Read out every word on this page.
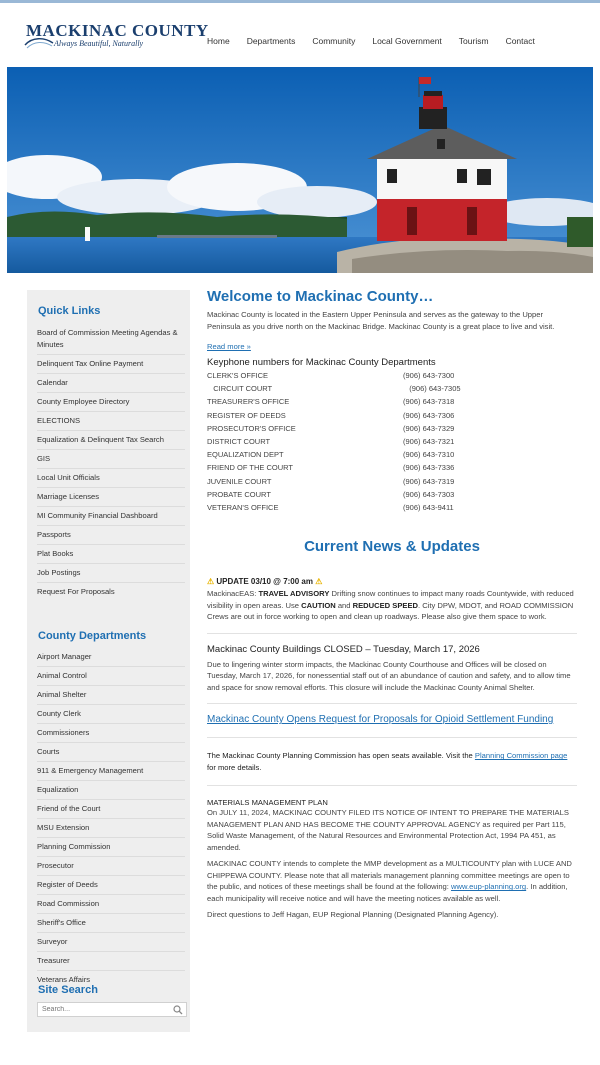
MACKINAC COUNTY
Always Beautiful, Naturally	Home Departments Community Local Government Tourism Contact
Quick Links
Board of Commission Meeting Agendas & Minutes
Delinquent Tax Online Payment
Calendar
County Employee Directory
ELECTIONS
Equalization & Delinquent Tax Search
GIS
Local Unit Officials
Marriage Licenses
MI Community Financial Dashboard
Passports
Plat Books
Job Postings
Request For Proposals
County Departments
Airport Manager
Animal Control
Animal Shelter
County Clerk
Commissioners
Courts
911 & Emergency Management
Equalization
Friend of the Court
MSU Extension
Planning Commission
Prosecutor
Register of Deeds
Road Commission
Sheriff's Office
Surveyor
Treasurer
Veterans Affairs
Site Search
Search...
Welcome to Mackinac County…

Mackinac County is located in the Eastern Upper Peninsula and serves as the gateway to the Upper Peninsula as you drive north on the Mackinac Bridge. Mackinac County is a great place to live and visit.

Read more »
Keyphone numbers for Mackinac County Departments
CLERK'S OFFICE	(906) 643-7300
CIRCUIT COURT	(906) 643-7305
TREASURER'S OFFICE	(906) 643-7318
REGISTER OF DEEDS	(906) 643-7306
PROSECUTOR'S OFFICE	(906) 643-7329
DISTRICT COURT	(906) 643-7321
EQUALIZATION DEPT	(906) 643-7310
FRIEND OF THE COURT	(906) 643-7336
JUVENILE COURT	(906) 643-7319
PROBATE COURT	(906) 643-7303
VETERAN'S OFFICE	(906) 643-9411
Current News & Updates
⚠ UPDATE 03/10 @ 7:00 am ⚠

MackinacEAS: TRAVEL ADVISORY Drifting snow continues to impact many roads Countywide, with reduced visibility in open areas. Use CAUTION and REDUCED SPEED. City DPW, MDOT, and ROAD COMMISSION Crews are out in force working to open and clean up roadways. Please also give them space to work.

Mackinac County Buildings CLOSED – Tuesday, March 17, 2026

Due to lingering winter storm impacts, the Mackinac County Courthouse and Offices will be closed on Tuesday, March 17, 2026, for nonessential staff out of an abundance of caution and safety, and to allow time and space for snow removal efforts. This closure will include the Mackinac County Animal Shelter.

Mackinac County Opens Request for Proposals for Opioid Settlement Funding

The Mackinac County Planning Commission has open seats available. Visit the Planning Commission page for more details.

MATERIALS MANAGEMENT PLAN

On JULY 11, 2024, MACKINAC COUNTY FILED ITS NOTICE OF INTENT TO PREPARE THE MATERIALS MANAGEMENT PLAN AND HAS BECOME THE COUNTY APPROVAL AGENCY as required per Part 115, Solid Waste Management, of the Natural Resources and Environmental Protection Act, 1994 PA 451, as amended.

MACKINAC COUNTY intends to complete the MMP development as a MULTICOUNTY plan with LUCE AND CHIPPEWA COUNTY. Please note that all materials management planning committee meetings are open to the public, and notices of these meetings shall be found at the following: www.eup-planning.org. In addition, each municipality will receive notice and will have the meeting notices available as well.

Direct questions to Jeff Hagan, EUP Regional Planning (Designated Planning Agency).
